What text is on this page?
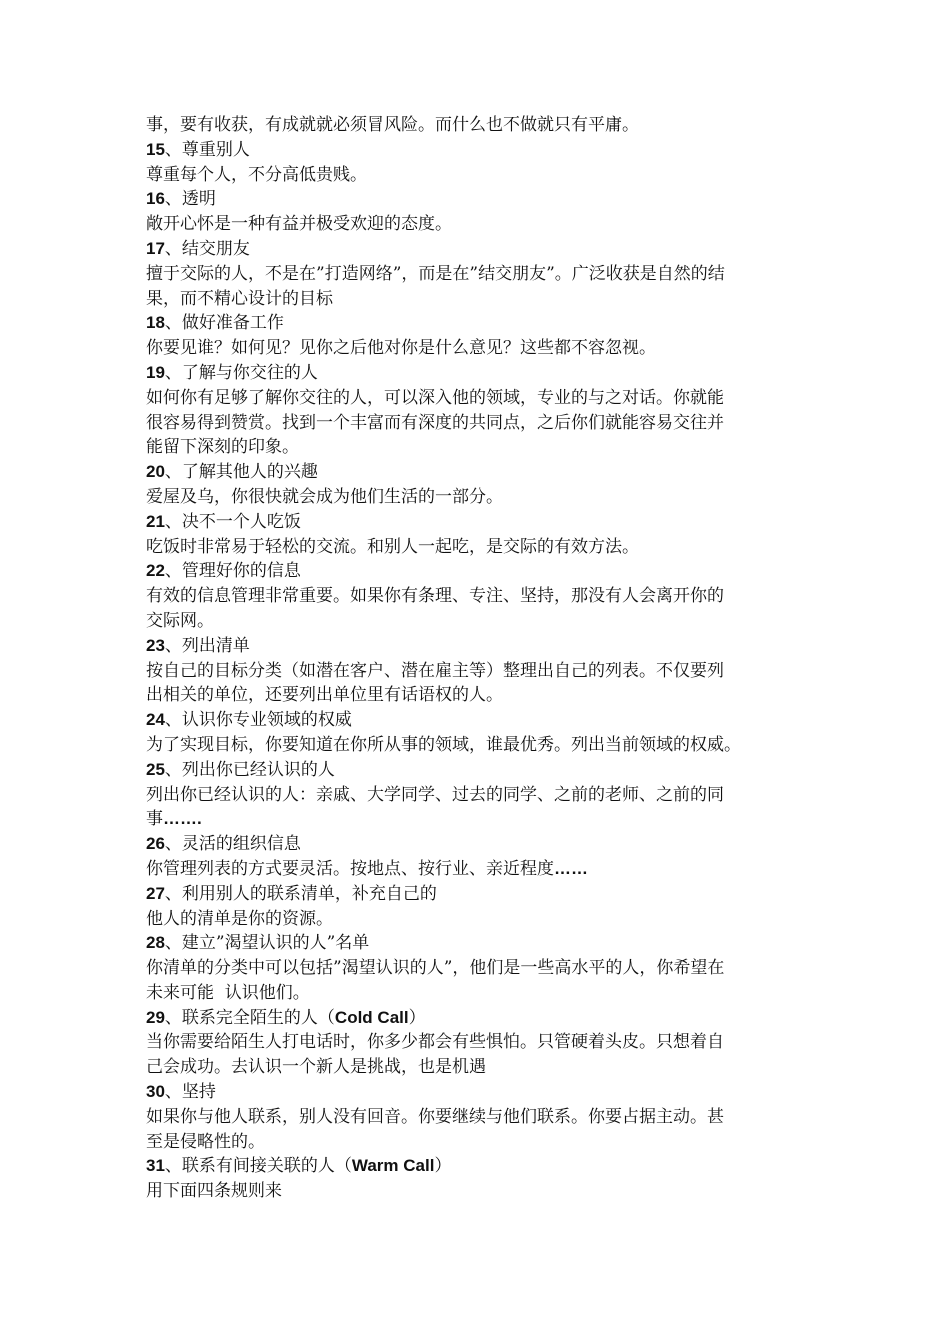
事，要有收获，有成就就必须冒风险。而什么也不做就只有平庸。
15、尊重别人
尊重每个人，不分高低贵贱。
16、透明
敞开心怀是一种有益并极受欢迎的态度。
17、结交朋友
擅于交际的人，不是在”打造网络”，而是在”结交朋友”。广泛收获是自然的结
果，而不精心设计的目标
18、做好准备工作
你要见谁？如何见？见你之后他对你是什么意见？这些都不容忽视。
19、了解与你交往的人
如何你有足够了解你交往的人，可以深入他的领域，专业的与之对话。你就能
很容易得到赞赏。找到一个丰富而有深度的共同点，之后你们就能容易交往并
能留下深刻的印象。
20、了解其他人的兴趣
爱屋及乌，你很快就会成为他们生活的一部分。
21、决不一个人吃饭
吃饭时非常易于轻松的交流。和别人一起吃，是交际的有效方法。
22、管理好你的信息
有效的信息管理非常重要。如果你有条理、专注、坚持，那没有人会离开你的
交际网。
23、列出清单
按自己的目标分类（如潜在客户、潜在雇主等）整理出自己的列表。不仅要列
出相关的单位，还要列出单位里有话语权的人。
24、认识你专业领域的权威
为了实现目标，你要知道在你所从事的领域，谁最优秀。列出当前领域的权威。
25、列出你已经认识的人
列出你已经认识的人：亲戚、大学同学、过去的同学、之前的老师、之前的同
事…….
26、灵活的组织信息
你管理列表的方式要灵活。按地点、按行业、亲近程度……
27、利用别人的联系清单，补充自己的
他人的清单是你的资源。
28、建立”渴望认识的人”名单
你清单的分类中可以包括”渴望认识的人”，他们是一些高水平的人，你希望在
未来可能  认识他们。
29、联系完全陌生的人（Cold Call）
当你需要给陌生人打电话时，你多少都会有些惧怕。只管硬着头皮。只想着自
己会成功。去认识一个新人是挑战，也是机遇
30、坚持
如果你与他人联系，别人没有回音。你要继续与他们联系。你要占据主动。甚
至是侵略性的。
31、联系有间接关联的人（Warm Call）
用下面四条规则来
